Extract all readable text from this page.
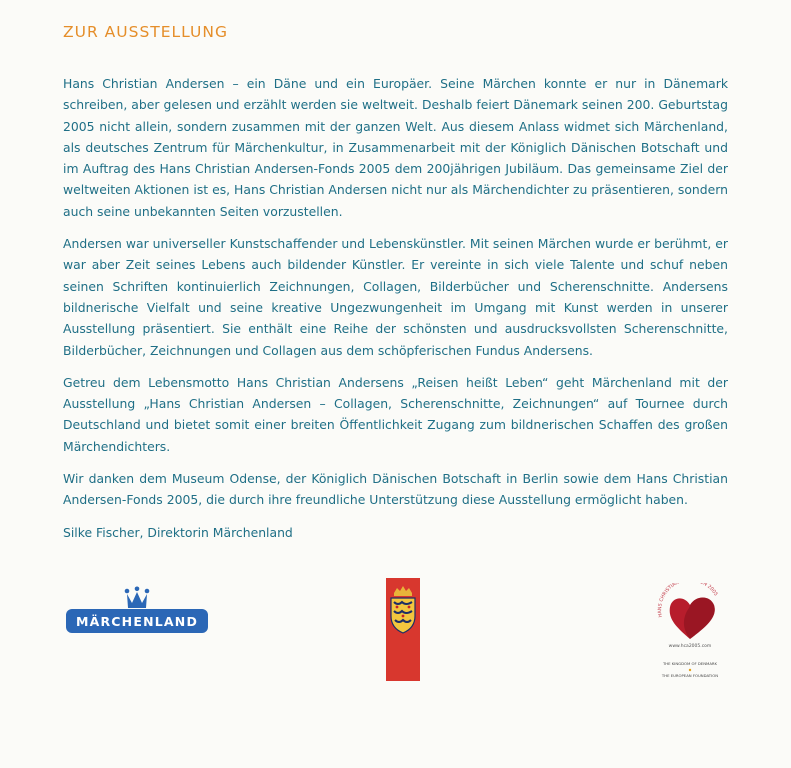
ZUR AUSSTELLUNG

Hans Christian Andersen – ein Däne und ein Europäer. Seine Märchen konnte er nur in Dänemark schreiben, aber gelesen und erzählt werden sie weltweit. Deshalb feiert Dänemark seinen 200. Geburtstag 2005 nicht allein, sondern zusammen mit der ganzen Welt. Aus diesem Anlass widmet sich Märchenland, als deutsches Zentrum für Märchenkultur, in Zusammenarbeit mit der Königlich Dänischen Botschaft und im Auftrag des Hans Christian Andersen-Fonds 2005 dem 200jährigen Jubiläum. Das gemeinsame Ziel der weltweiten Aktionen ist es, Hans Christian Andersen nicht nur als Märchendichter zu präsentieren, sondern auch seine unbekannten Seiten vorzustellen.

Andersen war universeller Kunstschaffender und Lebenskünstler. Mit seinen Märchen wurde er berühmt, er war aber Zeit seines Lebens auch bildender Künstler. Er vereinte in sich viele Talente und schuf neben seinen Schriften kontinuierlich Zeichnungen, Collagen, Bilderbücher und Scherenschnitte. Andersens bildnerische Vielfalt und seine kreative Ungezwungenheit im Umgang mit Kunst werden in unserer Ausstellung präsentiert. Sie enthält eine Reihe der schönsten und ausdrucksvollsten Scherenschnitte, Bilderbücher, Zeichnungen und Collagen aus dem schöpferischen Fundus Andersens.

Getreu dem Lebensmotto Hans Christian Andersens „Reisen heißt Leben“ geht Märchenland mit der Ausstellung „Hans Christian Andersen – Collagen, Scherenschnitte, Zeichnungen“ auf Tournee durch Deutschland und bietet somit einer breiten Öffentlichkeit Zugang zum bildnerischen Schaffen des großen Märchendichters.

Wir danken dem Museum Odense, der Königlich Dänischen Botschaft in Berlin sowie dem Hans Christian Andersen-Fonds 2005, die durch ihre freundliche Unterstützung diese Ausstellung ermöglicht haben.

Silke Fischer, Direktorin Märchenland
MÄRCHENLAND	HANS CHRISTIAN EN 2005
www.hca2005.com
THE KINGDOM OF DENMARK
THE EUROPEAN FOUNDATION
